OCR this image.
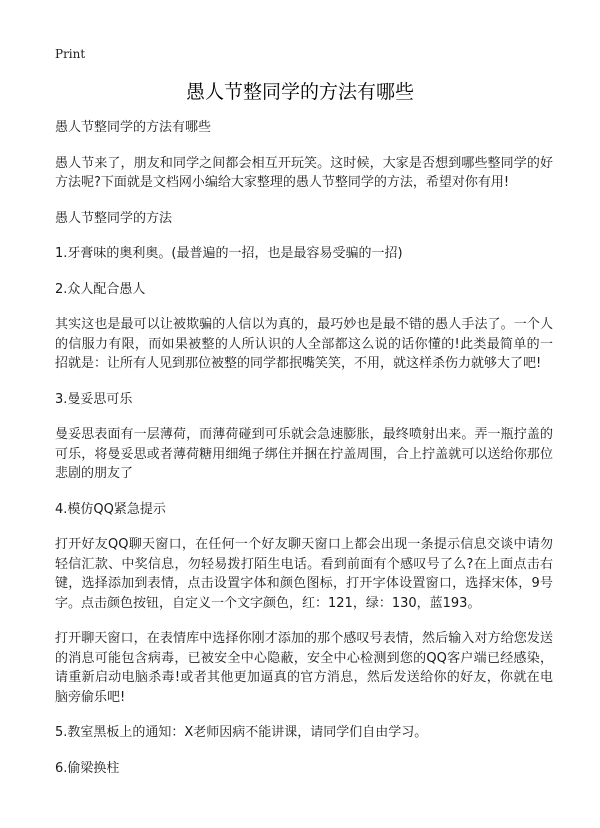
Print
愚人节整同学的方法有哪些

愚人节整同学的方法有哪些

愚人节来了，朋友和同学之间都会相互开玩笑。这时候，大家是否想到哪些整同学的好方法呢?下面就是文档网小编给大家整理的愚人节整同学的方法，希望对你有用!

愚人节整同学的方法

1.牙膏味的奥利奥。(最普遍的一招，也是最容易受骗的一招)

2.众人配合愚人

其实这也是最可以让被欺骗的人信以为真的，最巧妙也是最不错的愚人手法了。一个人的信服力有限，而如果被整的人所认识的人全部都这么说的话你懂的!此类最简单的一招就是：让所有人见到那位被整的同学都抿嘴笑笑，不用，就这样杀伤力就够大了吧!

3.曼妥思可乐

曼妥思表面有一层薄荷，而薄荷碰到可乐就会急速膨胀，最终喷射出来。弄一瓶拧盖的可乐，将曼妥思或者薄荷糖用细绳子绑住并捆在拧盖周围，合上拧盖就可以送给你那位悲剧的朋友了

4.模仿QQ紧急提示

打开好友QQ聊天窗口，在任何一个好友聊天窗口上都会出现一条提示信息交谈中请勿轻信汇款、中奖信息，勿轻易拨打陌生电话。看到前面有个感叹号了么?在上面点击右键，选择添加到表情，点击设置字体和颜色图标，打开字体设置窗口，选择宋体，9号字。点击颜色按钮，自定义一个文字颜色，红：121，绿：130，蓝193。

打开聊天窗口，在表情库中选择你刚才添加的那个感叹号表情，然后输入对方给您发送的消息可能包含病毒，已被安全中心隐蔽，安全中心检测到您的QQ客户端已经感染，请重新启动电脑杀毒!或者其他更加逼真的官方消息，然后发送给你的好友，你就在电脑旁偷乐吧!

5.教室黑板上的通知：X老师因病不能讲课，请同学们自由学习。

6.偷梁换柱
